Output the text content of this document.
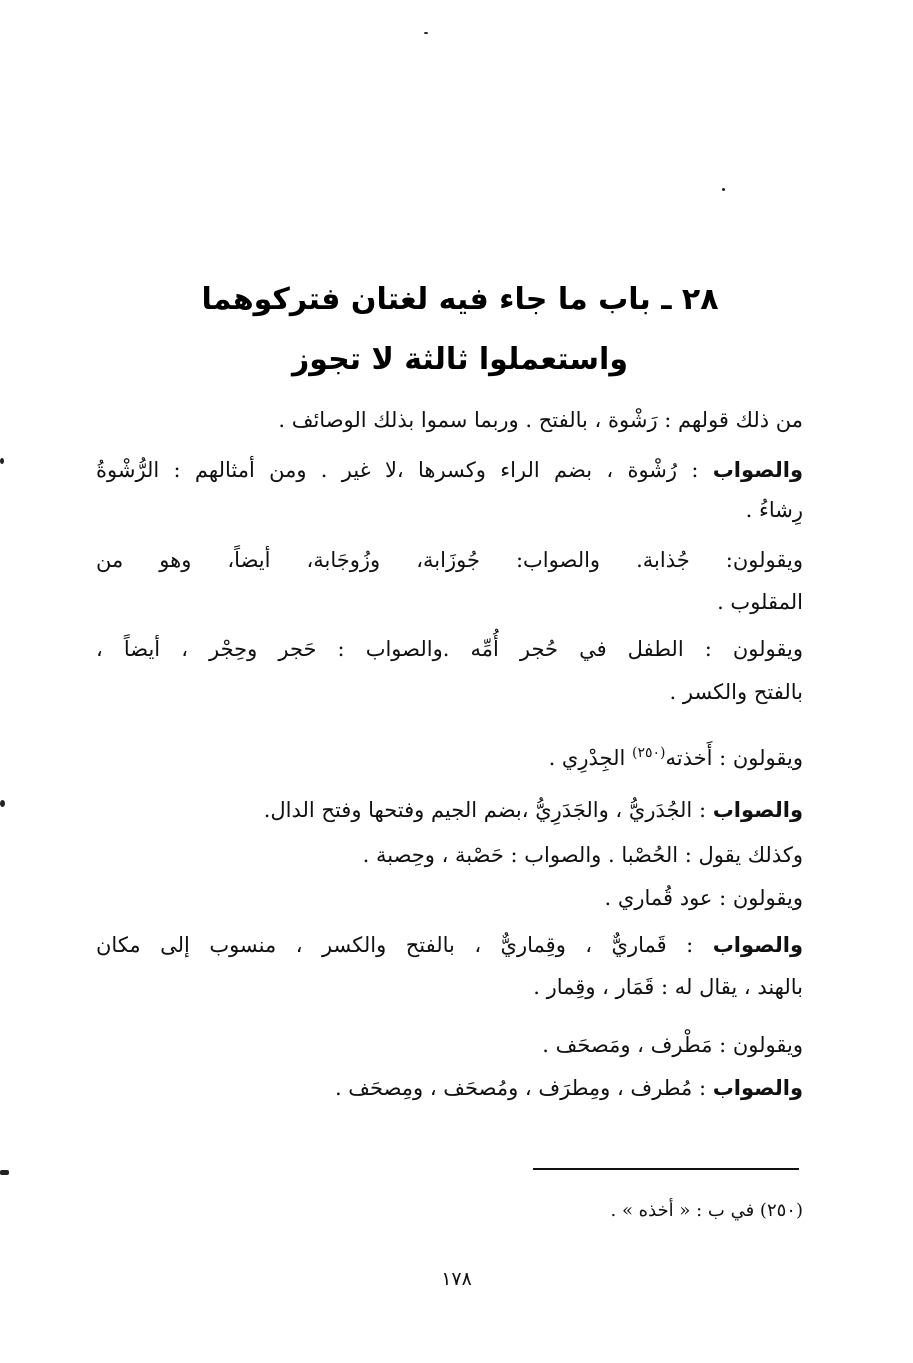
٢٨ ـ باب ما جاء فيه لغتان فتركوهما
واستعملوا ثالثة لا تجوز
من ذلك قولهم : رَشْوة ، بالفتح . وربما سموا بذلك الوصائف .
والصواب : رُشْوة ، بضم الراء وكسرها ،لا غير . ومن أمثالهم : الرُّشْوةُ
رِشاءُ .
ويقولون: جُذابة. والصواب: جُوزَابة، وزُوجَابة، أيضاً، وهو من
المقلوب .
ويقولون : الطفل في حُجر أُمِّه .والصواب : حَجر وحِجْر ، أيضاً ،
بالفتح والكسر .
ويقولون : أَخذته$^{(٢٥٠)}$ الجِدْرِي .
والصواب : الجُدَريُّ ، والجَدَرِيُّ ،بضم الجيم وفتحها وفتح الدال.
وكذلك يقول : الحُصْبا . والصواب : حَصْبة ، وحِصبة .
ويقولون : عود قُماري .
والصواب : قَماريٌّ ، وقِماريٌّ ، بالفتح والكسر ، منسوب إلى مكان
بالهند ، يقال له : قَمَار ، وقِمار .
ويقولون : مَطْرف ، ومَصحَف .
والصواب : مُطرف ، ومِطرَف ، ومُصحَف ، ومِصحَف .
(٢٥٠) في ب : « أخذه » .
١٧٨
